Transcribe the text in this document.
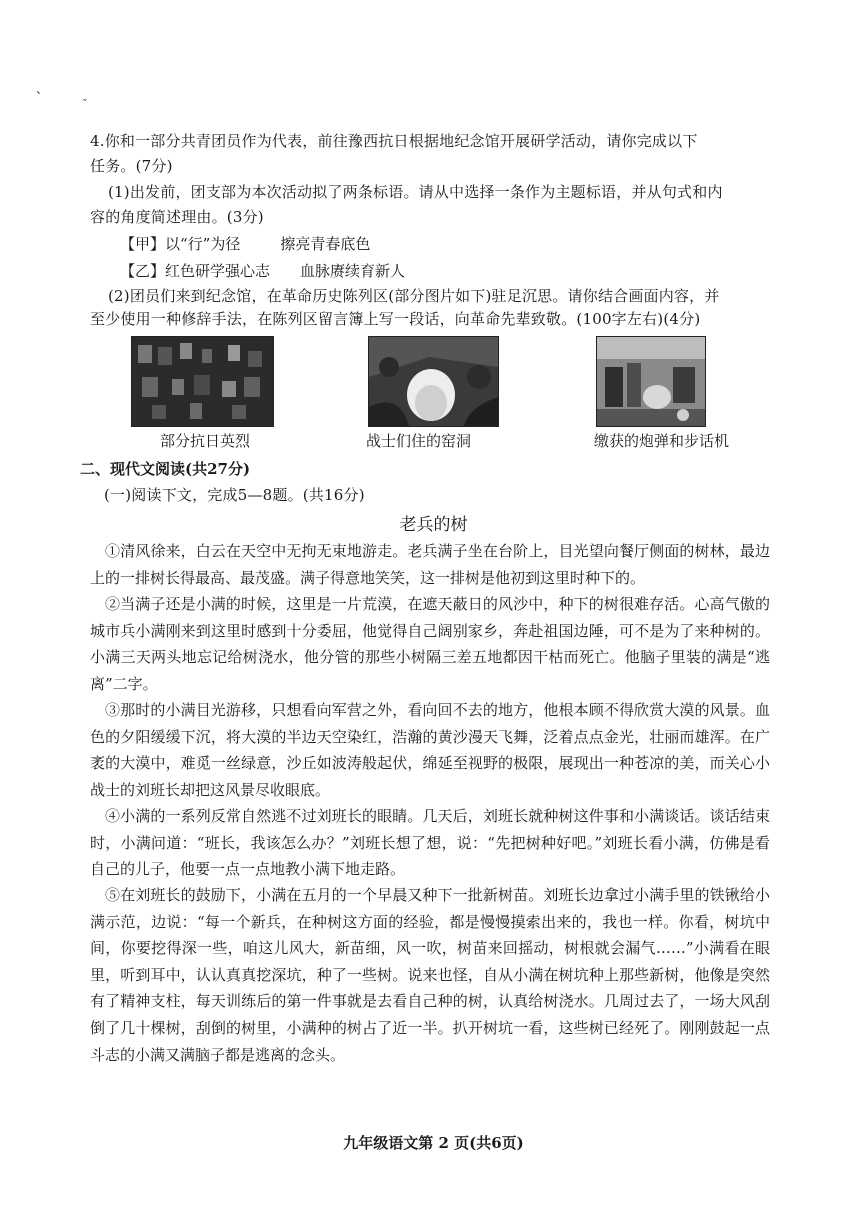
、
˜
4.你和一部分共青团员作为代表，前往豫西抗日根据地纪念馆开展研学活动，请你完成以下
任务。(7分)
(1)出发前，团支部为本次活动拟了两条标语。请从中选择一条作为主题标语，并从句式和内
容的角度简述理由。(3分)
【甲】以“行”为径	擦亮青春底色
【乙】红色研学强心志 血脉赓续育新人
(2)团员们来到纪念馆，在革命历史陈列区(部分图片如下)驻足沉思。请你结合画面内容，并
至少使用一种修辞手法，在陈列区留言簿上写一段话，向革命先辈致敬。(100字左右)(4分)
部分抗日英烈	战士们住的窑洞	缴获的炮弹和步话机
二、现代文阅读(共27分)
(一)阅读下文，完成5—8题。(共16分)
老兵的树
①清风徐来，白云在天空中无拘无束地游走。老兵满子坐在台阶上，目光望向餐厅侧面的树林，最边上的一排树长得最高、最茂盛。满子得意地笑笑，这一排树是他初到这里时种下的。
②当满子还是小满的时候，这里是一片荒漠，在遮天蔽日的风沙中，种下的树很难存活。心高气傲的城市兵小满刚来到这里时感到十分委屈，他觉得自己阔别家乡，奔赴祖国边陲，可不是为了来种树的。小满三天两头地忘记给树浇水，他分管的那些小树隔三差五地都因干枯而死亡。他脑子里装的满是“逃离”二字。
③那时的小满目光游移，只想看向军营之外，看向回不去的地方，他根本顾不得欣赏大漠的风景。血色的夕阳缓缓下沉，将大漠的半边天空染红，浩瀚的黄沙漫天飞舞，泛着点点金光，壮丽而雄浑。在广袤的大漠中，难觅一丝绿意，沙丘如波涛般起伏，绵延至视野的极限，展现出一种苍凉的美，而关心小战士的刘班长却把这风景尽收眼底。
④小满的一系列反常自然逃不过刘班长的眼睛。几天后，刘班长就种树这件事和小满谈话。谈话结束时，小满问道：“班长，我该怎么办？”刘班长想了想，说：“先把树种好吧。”刘班长看小满，仿佛是看自己的儿子，他要一点一点地教小满下地走路。
⑤在刘班长的鼓励下，小满在五月的一个早晨又种下一批新树苗。刘班长边拿过小满手里的铁锹给小满示范，边说：“每一个新兵，在种树这方面的经验，都是慢慢摸索出来的，我也一样。你看，树坑中间，你要挖得深一些，咱这儿风大，新苗细，风一吹，树苗来回摇动，树根就会漏气……”小满看在眼里，听到耳中，认认真真挖深坑，种了一些树。说来也怪，自从小满在树坑种上那些新树，他像是突然有了精神支柱，每天训练后的第一件事就是去看自己种的树，认真给树浇水。几周过去了，一场大风刮倒了几十棵树，刮倒的树里，小满种的树占了近一半。扒开树坑一看，这些树已经死了。刚刚鼓起一点斗志的小满又满脑子都是逃离的念头。
九年级语文第 2 页(共6页)
